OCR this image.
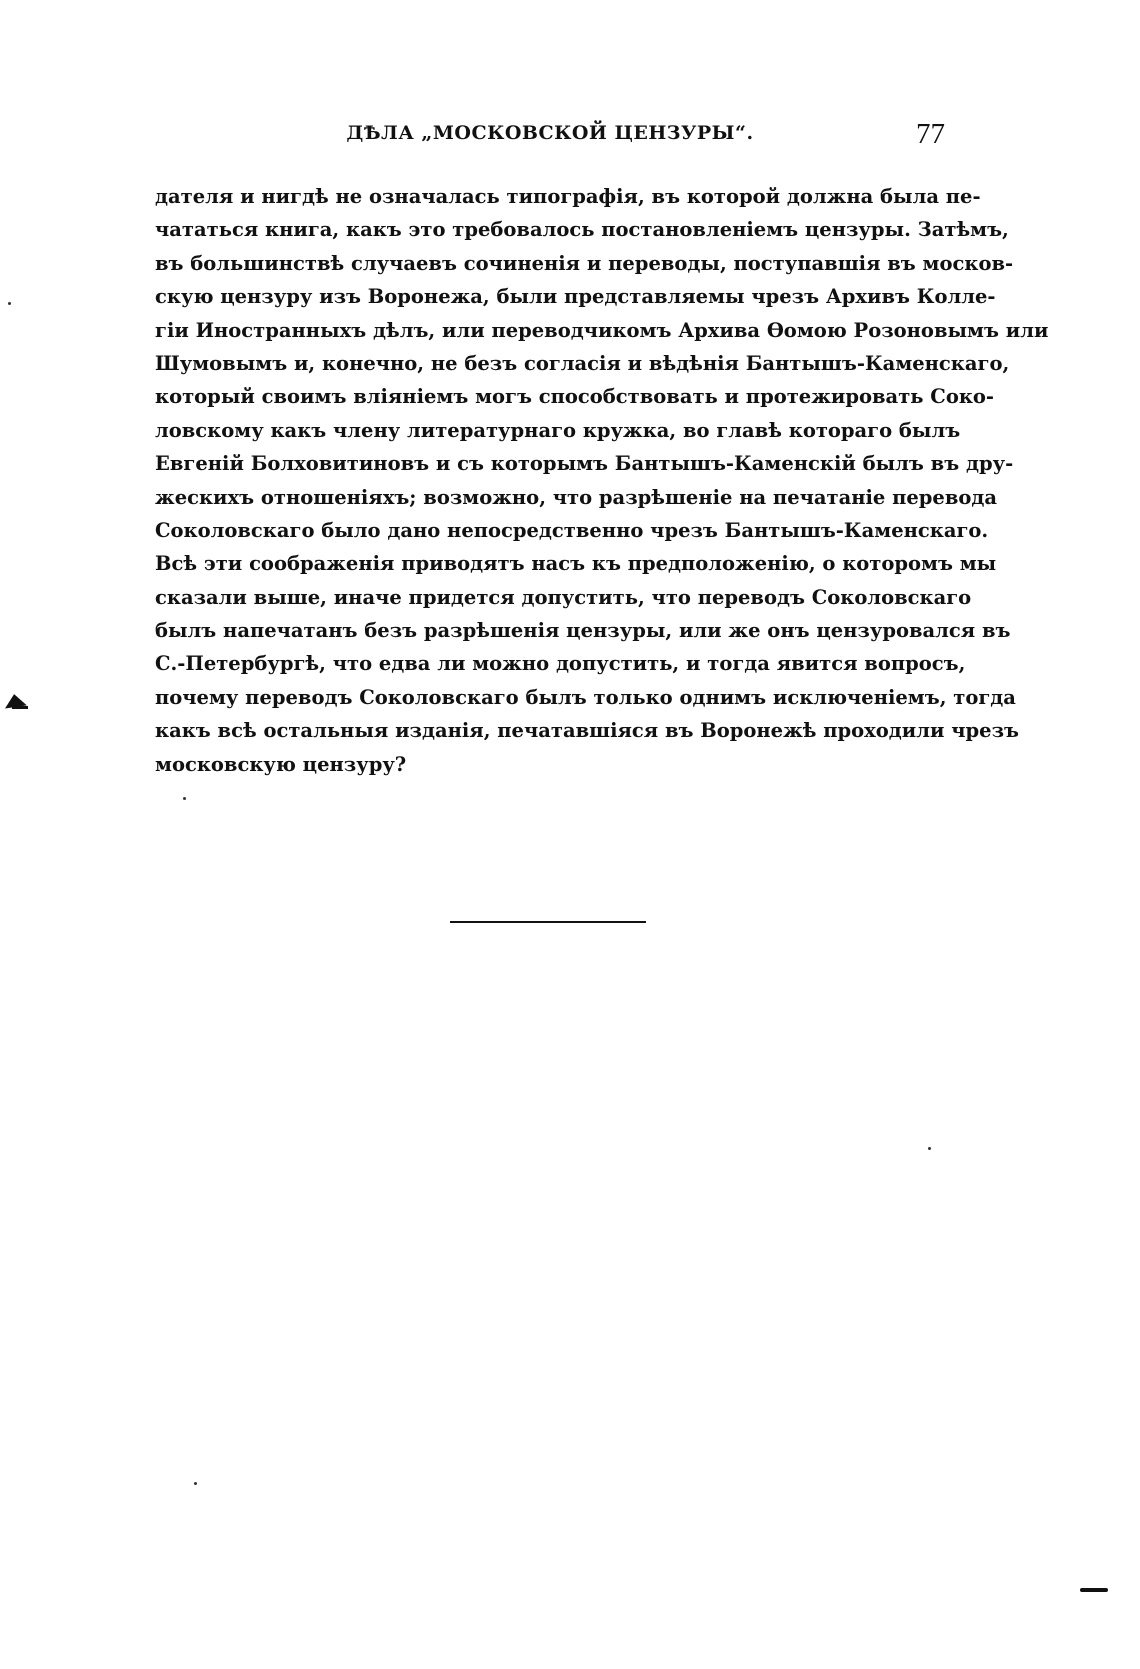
ДѢЛА „МОСКОВСКОЙ ЦЕНЗУРЫ“.	77
дателя и нигдѣ не означалась типографія, въ которой должна была пе-
чататься книга, какъ это требовалось постановленіемъ цензуры. Затѣмъ,
въ большинствѣ случаевъ сочиненія и переводы, поступавшія въ москов-
скую цензуру изъ Воронежа, были представляемы чрезъ Архивъ Колле-
гіи Иностранныхъ дѣлъ, или переводчикомъ Архива Ѳомою Розоновымъ или
Шумовымъ и, конечно, не безъ согласія и вѣдѣнія Бантышъ-Каменскаго,
который своимъ вліяніемъ могъ способствовать и протежировать Соко-
ловскому какъ члену литературнаго кружка, во главѣ котораго былъ
Евгеній Болховитиновъ и съ которымъ Бантышъ-Каменскій былъ въ дру-
жескихъ отношеніяхъ; возможно, что разрѣшеніе на печатаніе перевода
Соколовскаго было дано непосредственно чрезъ Бантышъ-Каменскаго.
Всѣ эти соображенія приводятъ насъ къ предположенію, о которомъ мы
сказали выше, иначе придется допустить, что переводъ Соколовскаго
былъ напечатанъ безъ разрѣшенія цензуры, или же онъ цензуровался въ
С.-Петербургѣ, что едва ли можно допустить, и тогда явится вопросъ,
почему переводъ Соколовскаго былъ только однимъ исключеніемъ, тогда
какъ всѣ остальныя изданія, печатавшіяся въ Воронежѣ проходили чрезъ
московскую цензуру?
